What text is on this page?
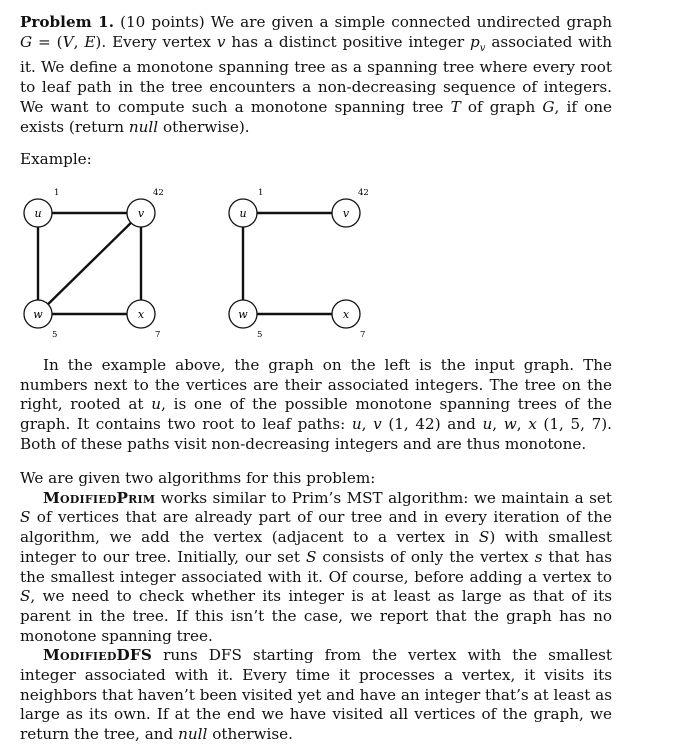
Problem 1. (10 points) We are given a simple connected undirected graph G = (V, E). Every vertex v has a distinct positive integer $p_v$ associated with it. We define a monotone spanning tree as a spanning tree where every root to leaf path in the tree encounters a non-decreasing sequence of integers. We want to compute such a monotone spanning tree T of graph G, if one exists (return null otherwise).

Example:

u	v
w	x
1	42
5	7
u	v
w	x
1	42
5	7

In the example above, the graph on the left is the input graph. The numbers next to the vertices are their associated integers. The tree on the right, rooted at u, is one of the possible monotone spanning trees of the graph. It contains two root to leaf paths: u, v (1, 42) and u, w, x (1, 5, 7). Both of these paths visit non-decreasing integers and are thus monotone.

We are given two algorithms for this problem:

ModifiedPrim works similar to Prim’s MST algorithm: we maintain a set S of vertices that are already part of our tree and in every iteration of the algorithm, we add the vertex (adjacent to a vertex in S) with smallest integer to our tree. Initially, our set S consists of only the vertex s that has the smallest integer associated with it. Of course, before adding a vertex to S, we need to check whether its integer is at least as large as that of its parent in the tree. If this isn’t the case, we report that the graph has no monotone spanning tree.

ModifiedDFS runs DFS starting from the vertex with the smallest integer associated with it. Every time it processes a vertex, it visits its neighbors that haven’t been visited yet and have an integer that’s at least as large as its own. If at the end we have visited all vertices of the graph, we return the tree, and null otherwise.
